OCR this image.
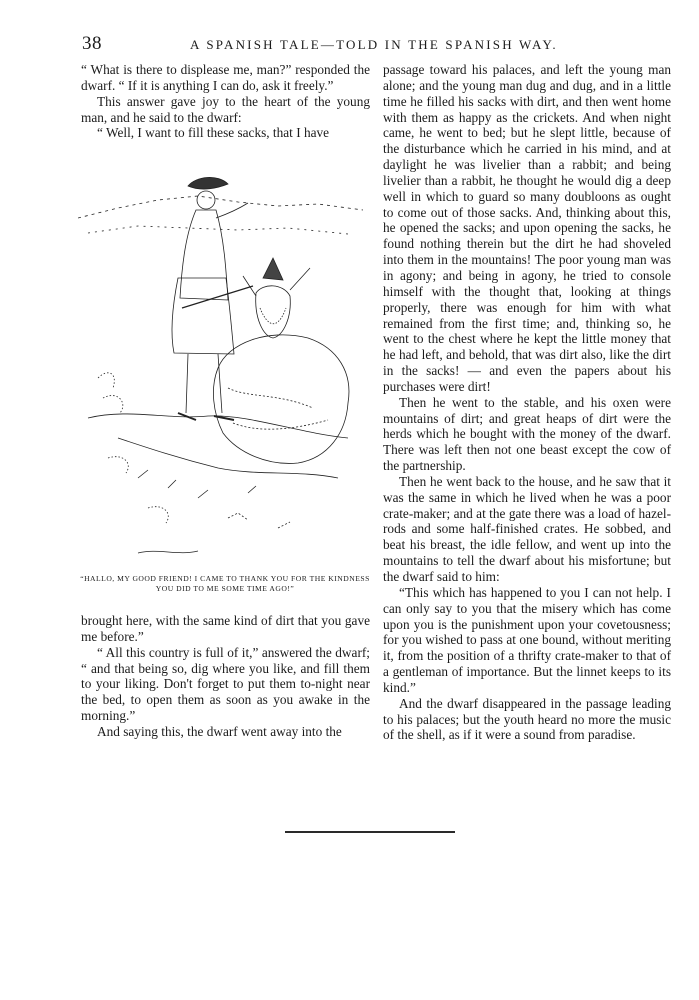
38	A SPANISH TALE—TOLD IN THE SPANISH WAY.

“ What is there to displease me, man?” responded the dwarf. “ If it is anything I can do, ask it freely.”

This answer gave joy to the heart of the young man, and he said to the dwarf:

“ Well, I want to fill these sacks, that I have

“HALLO, MY GOOD FRIEND! I CAME TO THANK YOU FOR THE KINDNESS YOU DID TO ME SOME TIME AGO!”

brought here, with the same kind of dirt that you gave me before.”

“ All this country is full of it,” answered the dwarf; “ and that being so, dig where you like, and fill them to your liking. Don't forget to put them to-night near the bed, to open them as soon as you awake in the morning.”

And saying this, the dwarf went away into the

passage toward his palaces, and left the young man alone; and the young man dug and dug, and in a little time he filled his sacks with dirt, and then went home with them as happy as the crickets. And when night came, he went to bed; but he slept little, because of the disturbance which he carried in his mind, and at daylight he was livelier than a rabbit; and being livelier than a rabbit, he thought he would dig a deep well in which to guard so many doubloons as ought to come out of those sacks. And, thinking about this, he opened the sacks; and upon opening the sacks, he found nothing therein but the dirt he had shoveled into them in the mountains! The poor young man was in agony; and being in agony, he tried to console himself with the thought that, looking at things properly, there was enough for him with what remained from the first time; and, thinking so, he went to the chest where he kept the little money that he had left, and behold, that was dirt also, like the dirt in the sacks! — and even the papers about his purchases were dirt!

Then he went to the stable, and his oxen were mountains of dirt; and great heaps of dirt were the herds which he bought with the money of the dwarf. There was left then not one beast except the cow of the partnership.

Then he went back to the house, and he saw that it was the same in which he lived when he was a poor crate-maker; and at the gate there was a load of hazel-rods and some half-finished crates. He sobbed, and beat his breast, the idle fellow, and went up into the mountains to tell the dwarf about his misfortune; but the dwarf said to him:

“This which has happened to you I can not help. I can only say to you that the misery which has come upon you is the punishment upon your covetousness; for you wished to pass at one bound, without meriting it, from the position of a thrifty crate-maker to that of a gentleman of importance. But the linnet keeps to its kind.”

And the dwarf disappeared in the passage leading to his palaces; but the youth heard no more the music of the shell, as if it were a sound from paradise.
